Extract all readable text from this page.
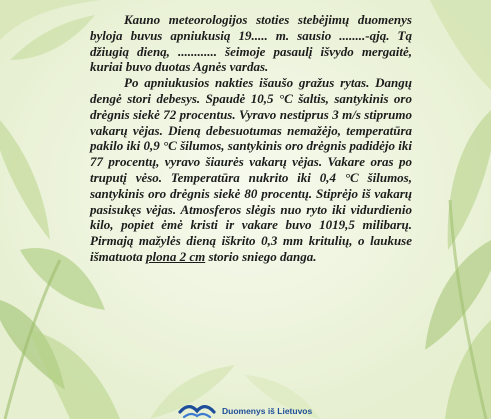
Kauno meteorologijos stoties stebėjimų duomenys byloja buvus apniukusią 19..... m. sausio ........-ąją. Tą džiugią dieną, ............ šeimoje pasaulį išvydo mergaitė, kuriai buvo duotas Agnės vardas.

Po apniukusios nakties išaušo gražus rytas. Dangų dengė stori debesys. Spaudė 10,5 °C šaltis, santykinis oro drėgnis siekė 72 procentus. Vyravo nestiprus 3 m/s stiprumo vakarų vėjas. Dieną debesuotumas nemažėjo, temperatūra pakilo iki 0,9 °C šilumos, santykinis oro drėgnis padidėjo iki 77 procentų, vyravo šiaurės vakarų vėjas. Vakare oras po truputį vėso. Temperatūra nukrito iki 0,4 °C šilumos, santykinis oro drėgnis siekė 80 procentų. Stiprėjo iš vakarų pasisukęs vėjas. Atmosferos slėgis nuo ryto iki vidurdienio kilo, popiet ėmė kristi ir vakare buvo 1019,5 milibarų. Pirmają mažylės dieną iškrito 0,3 mm kritulių, o laukuse išmatuota plona 2 cm storio sniego danga.

Duomenys iš Lietuvos
